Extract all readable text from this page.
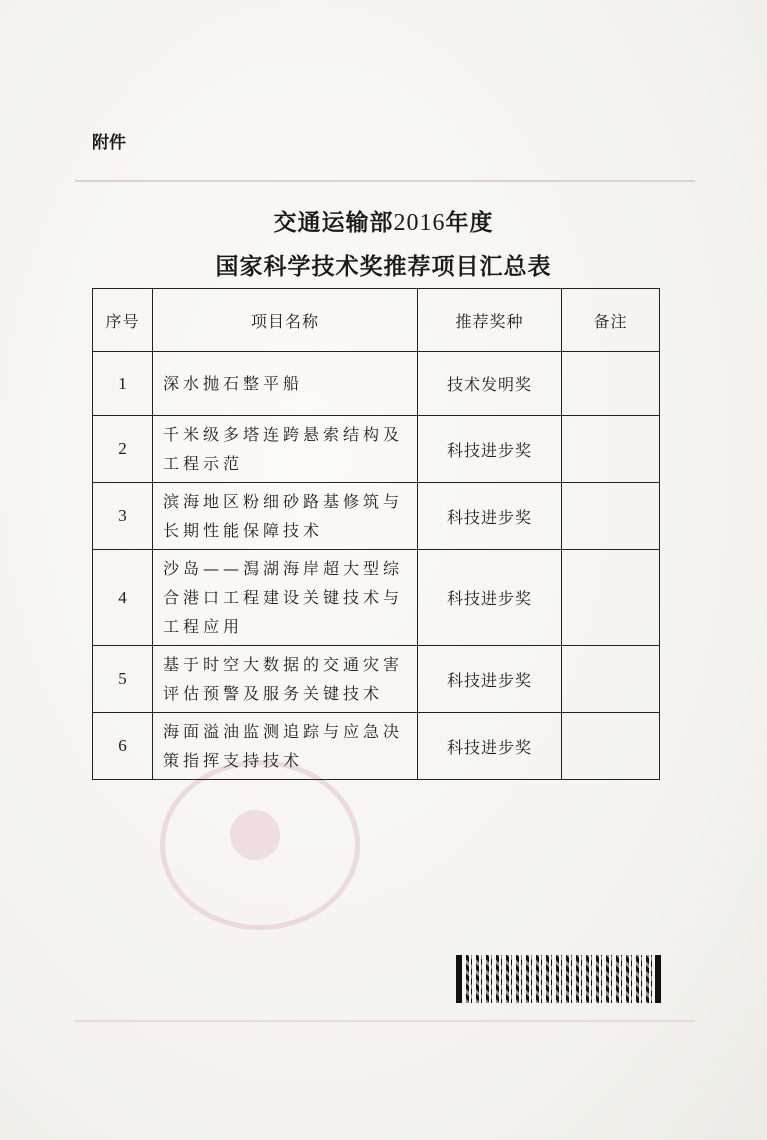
附件
交通运输部2016年度
国家科学技术奖推荐项目汇总表
序号	项目名称	推荐奖种	备注
1	深水抛石整平船	技术发明奖	
2	千米级多塔连跨悬索结构及工程示范	科技进步奖	
3	滨海地区粉细砂路基修筑与长期性能保障技术	科技进步奖	
4	沙岛——澙湖海岸超大型综合港口工程建设关键技术与工程应用	科技进步奖	
5	基于时空大数据的交通灾害评估预警及服务关键技术	科技进步奖	
6	海面溢油监测追踪与应急决策指挥支持技术	科技进步奖	
